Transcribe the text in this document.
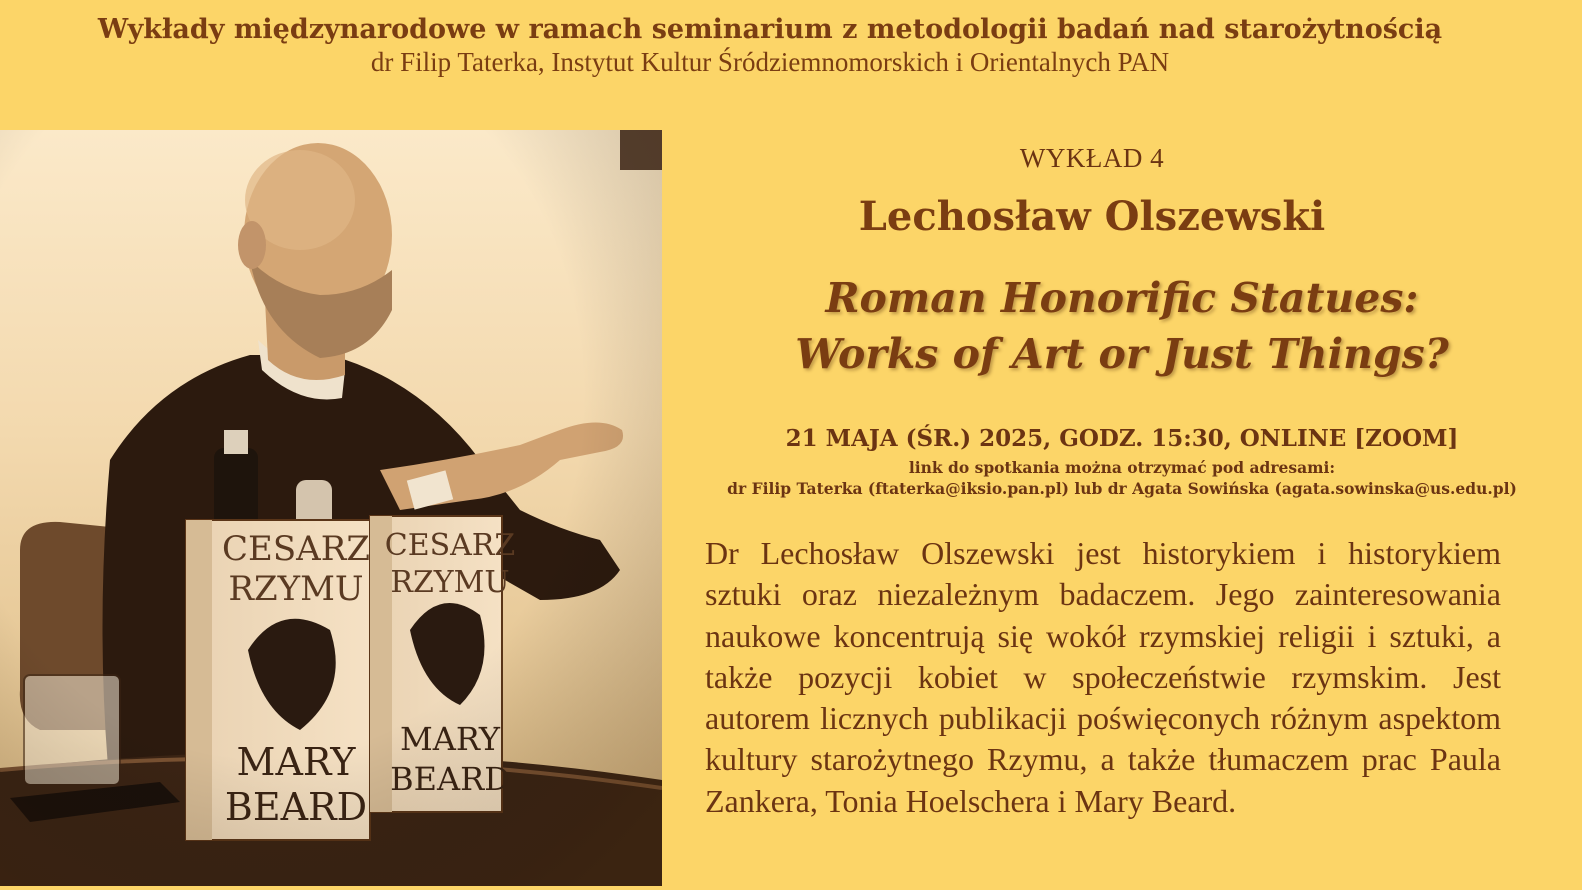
Wykłady międzynarodowe w ramach seminarium z metodologii badań nad starożytnością
dr Filip Taterka, Instytut Kultur Śródziemnomorskich i Orientalnych PAN
WYKŁAD 4
Lechosław Olszewski
Roman Honorific Statues:
Works of Art or Just Things?
21 MAJA (ŚR.) 2025, GODZ. 15:30, ONLINE [ZOOM]
link do spotkania można otrzymać pod adresami:
dr Filip Taterka (ftaterka@iksio.pan.pl) lub dr Agata Sowińska (agata.sowinska@us.edu.pl)
Dr Lechosław Olszewski jest historykiem i historykiem sztuki oraz niezależnym badaczem. Jego zainteresowania naukowe koncentrują się wokół rzymskiej religii i sztuki, a także pozycji kobiet w społeczeństwie rzymskim. Jest autorem licznych publikacji poświęconych różnym aspektom kultury starożytnego Rzymu, a także tłumaczem prac Paula Zankera, Tonia Hoelschera i Mary Beard.
